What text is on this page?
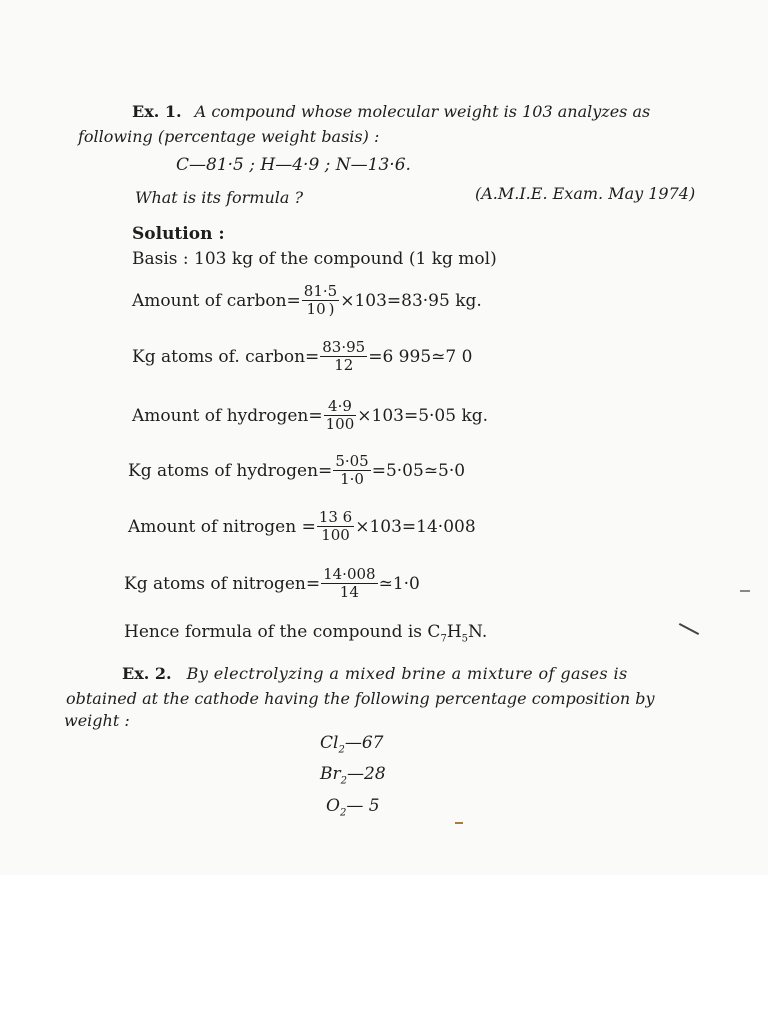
Ex. 1. A compound whose molecular weight is 103 analyzes as
following (percentage weight basis) :
C—81·5 ; H—4·9 ; N—13·6.
What is its formula ?	(A.M.I.E. Exam. May 1974)
Solution :
Basis : 103 kg of the compound (1 kg mol)
Amount of carbon= $\frac{81\cdot 5}{10 )} \times 103=83\cdot 95$ kg.
Kg atoms of. carbon= $\frac{83\cdot 95}{12} =6$ 995≃7 0
Amount of hydrogen= $\frac{4\cdot 9}{100} \times 103=5\cdot 05$ kg.
Kg atoms of hydrogen= $\frac{5\cdot 05}{1\cdot 0}$ =5·05≃5·0
Amount of nitrogen = $\frac{13 6}{100} \times 103=14\cdot 008$
Kg atoms of nitrogen= $\frac{14\cdot 008}{14}$ ≃1·0
Hence formula of the compound is $C_7H_5N$.
Ex. 2. By electrolyzing a mixed brine a mixture of gases is
obtained at the cathode having the following percentage composition by
weight :
$Cl_2—67$
$Br_2—28$
$O_2—$ 5
